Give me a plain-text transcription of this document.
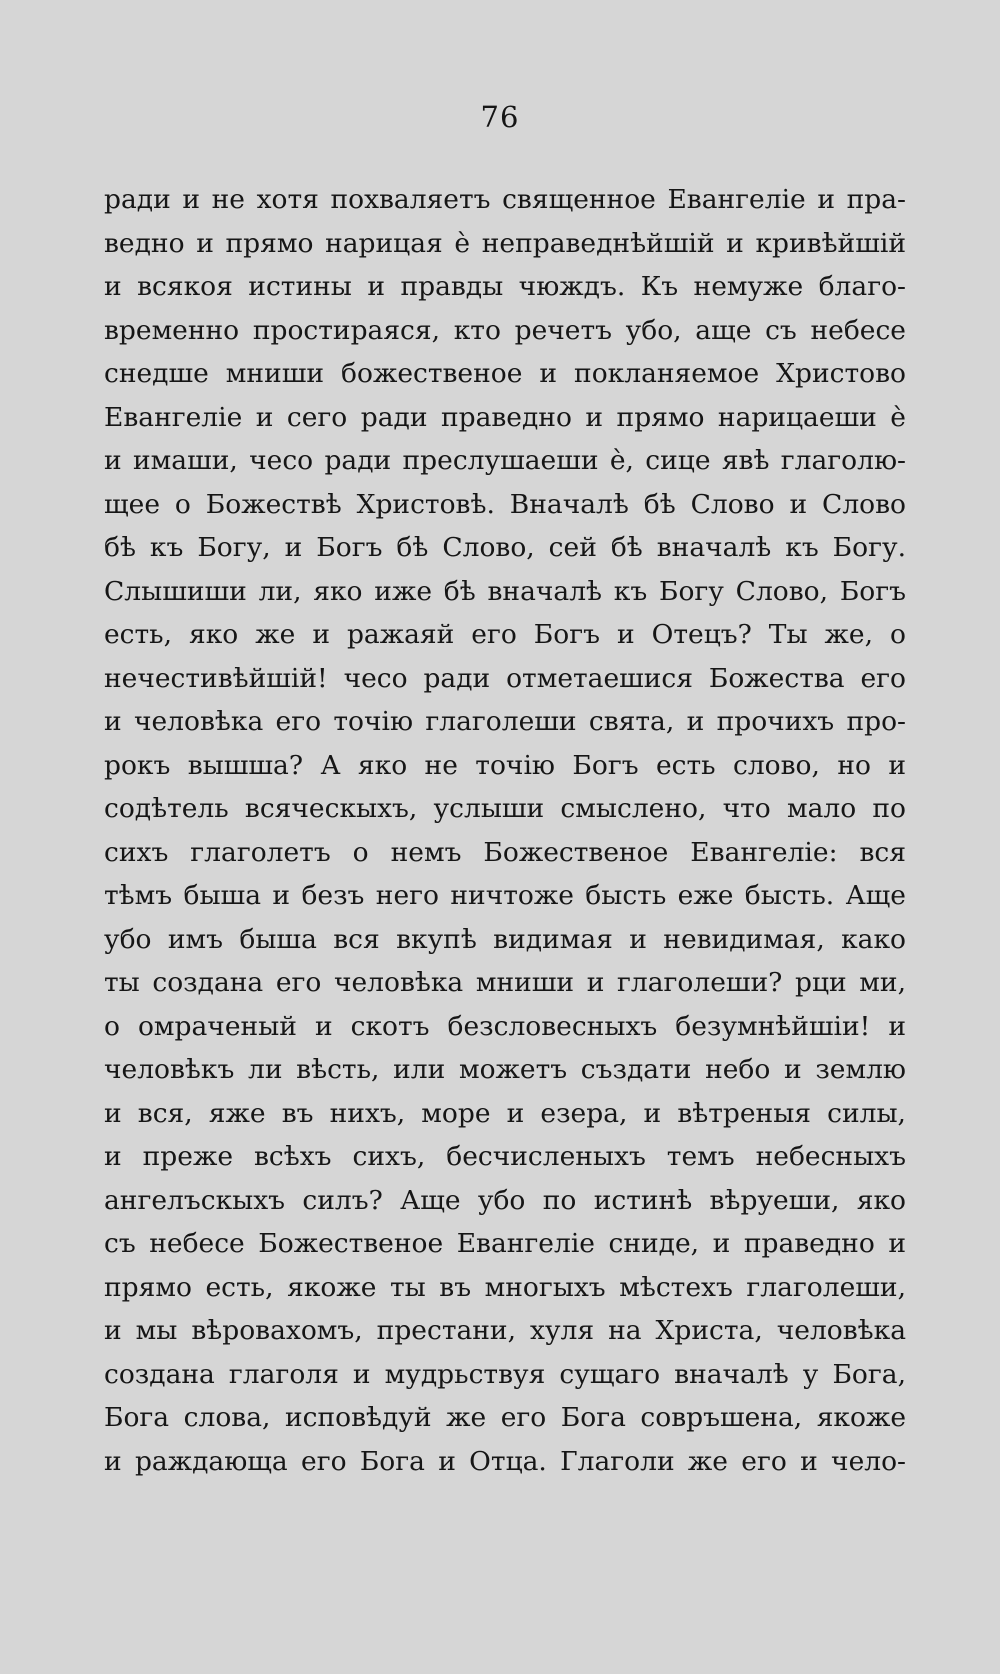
76
ради и не хотя похваляетъ священное Евангеліе и пра-
ведно и прямо нарицая ѐ неправеднѣйшій и кривѣйшій
и всякоя истины и правды чюждъ. Къ немуже благо-
временно простираяся, кто речетъ убо, аще съ небесе
снедше мниши божественое и покланяемое Христово
Евангеліе и сего ради праведно и прямо нарицаеши ѐ
и имаши, чесо ради преслушаеши ѐ, сице явѣ глаголю-
щее о Божествѣ Христовѣ. Вначалѣ бѣ Слово и Слово
бѣ къ Богу, и Богъ бѣ Слово, сей бѣ вначалѣ къ Богу.
Слышиши ли, яко иже бѣ вначалѣ къ Богу Слово, Богъ
есть, яко же и ражаяй его Богъ и Отецъ? Ты же, о
нечестивѣйшій! чесо ради отметаешися Божества его
и человѣка его точію глаголеши свята, и прочихъ про-
рокъ вышша? А яко не точію Богъ есть слово, но и
содѣтель всяческыхъ, услыши смыслено, что мало по
сихъ глаголетъ о немъ Божественое Евангеліе: вся
тѣмъ быша и безъ него ничтоже бысть еже бысть. Аще
убо имъ быша вся вкупѣ видимая и невидимая, како
ты создана его человѣка мниши и глаголеши? рци ми,
о омраченый и скотъ безсловесныхъ безумнѣйшіи! и
человѣкъ ли вѣсть, или можетъ създати небо и землю
и вся, яже въ нихъ, море и езера, и вѣтреныя силы,
и преже всѣхъ сихъ, бесчисленыхъ темъ небесныхъ
ангелъскыхъ силъ? Аще убо по истинѣ вѣруеши, яко
съ небесе Божественое Евангеліе сниде, и праведно и
прямо есть, якоже ты въ многыхъ мѣстехъ глаголеши,
и мы вѣровахомъ, престани, хуля на Христа, человѣка
создана глаголя и мудрьствуя сущаго вначалѣ у Бога,
Бога слова, исповѣдуй же его Бога совръшена, якоже
и раждающа его Бога и Отца. Глаголи же его и чело-
